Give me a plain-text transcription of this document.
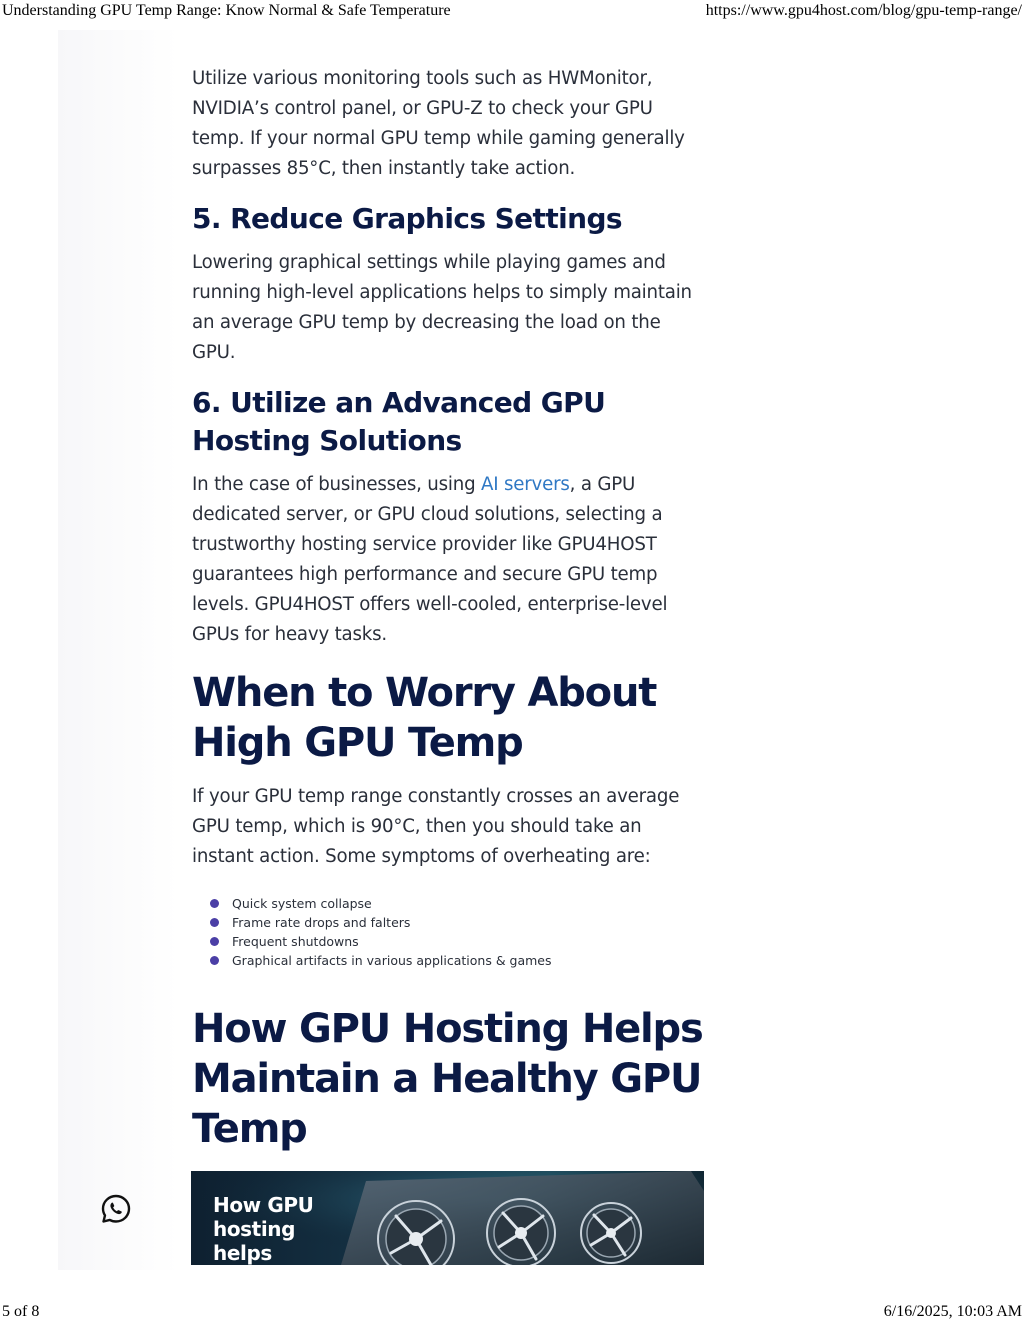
Understanding GPU Temp Range: Know Normal & Safe Temperature	https://www.gpu4host.com/blog/gpu-temp-range/

Utilize various monitoring tools such as HWMonitor, NVIDIA’s control panel, or GPU-Z to check your GPU temp. If your normal GPU temp while gaming generally surpasses 85°C, then instantly take action.

5. Reduce Graphics Settings

Lowering graphical settings while playing games and running high-level applications helps to simply maintain an average GPU temp by decreasing the load on the GPU.

6. Utilize an Advanced GPU Hosting Solutions

In the case of businesses, using AI servers, a GPU dedicated server, or GPU cloud solutions, selecting a trustworthy hosting service provider like GPU4HOST guarantees high performance and secure GPU temp levels. GPU4HOST offers well-cooled, enterprise-level GPUs for heavy tasks.

When to Worry About High GPU Temp

If your GPU temp range constantly crosses an average GPU temp, which is 90°C, then you should take an instant action. Some symptoms of overheating are:

Quick system collapse
Frame rate drops and falters
Frequent shutdowns
Graphical artifacts in various applications & games
How GPU Hosting Helps Maintain a Healthy GPU Temp
How GPU hosting helps
5 of 8	6/16/2025, 10:03 AM
